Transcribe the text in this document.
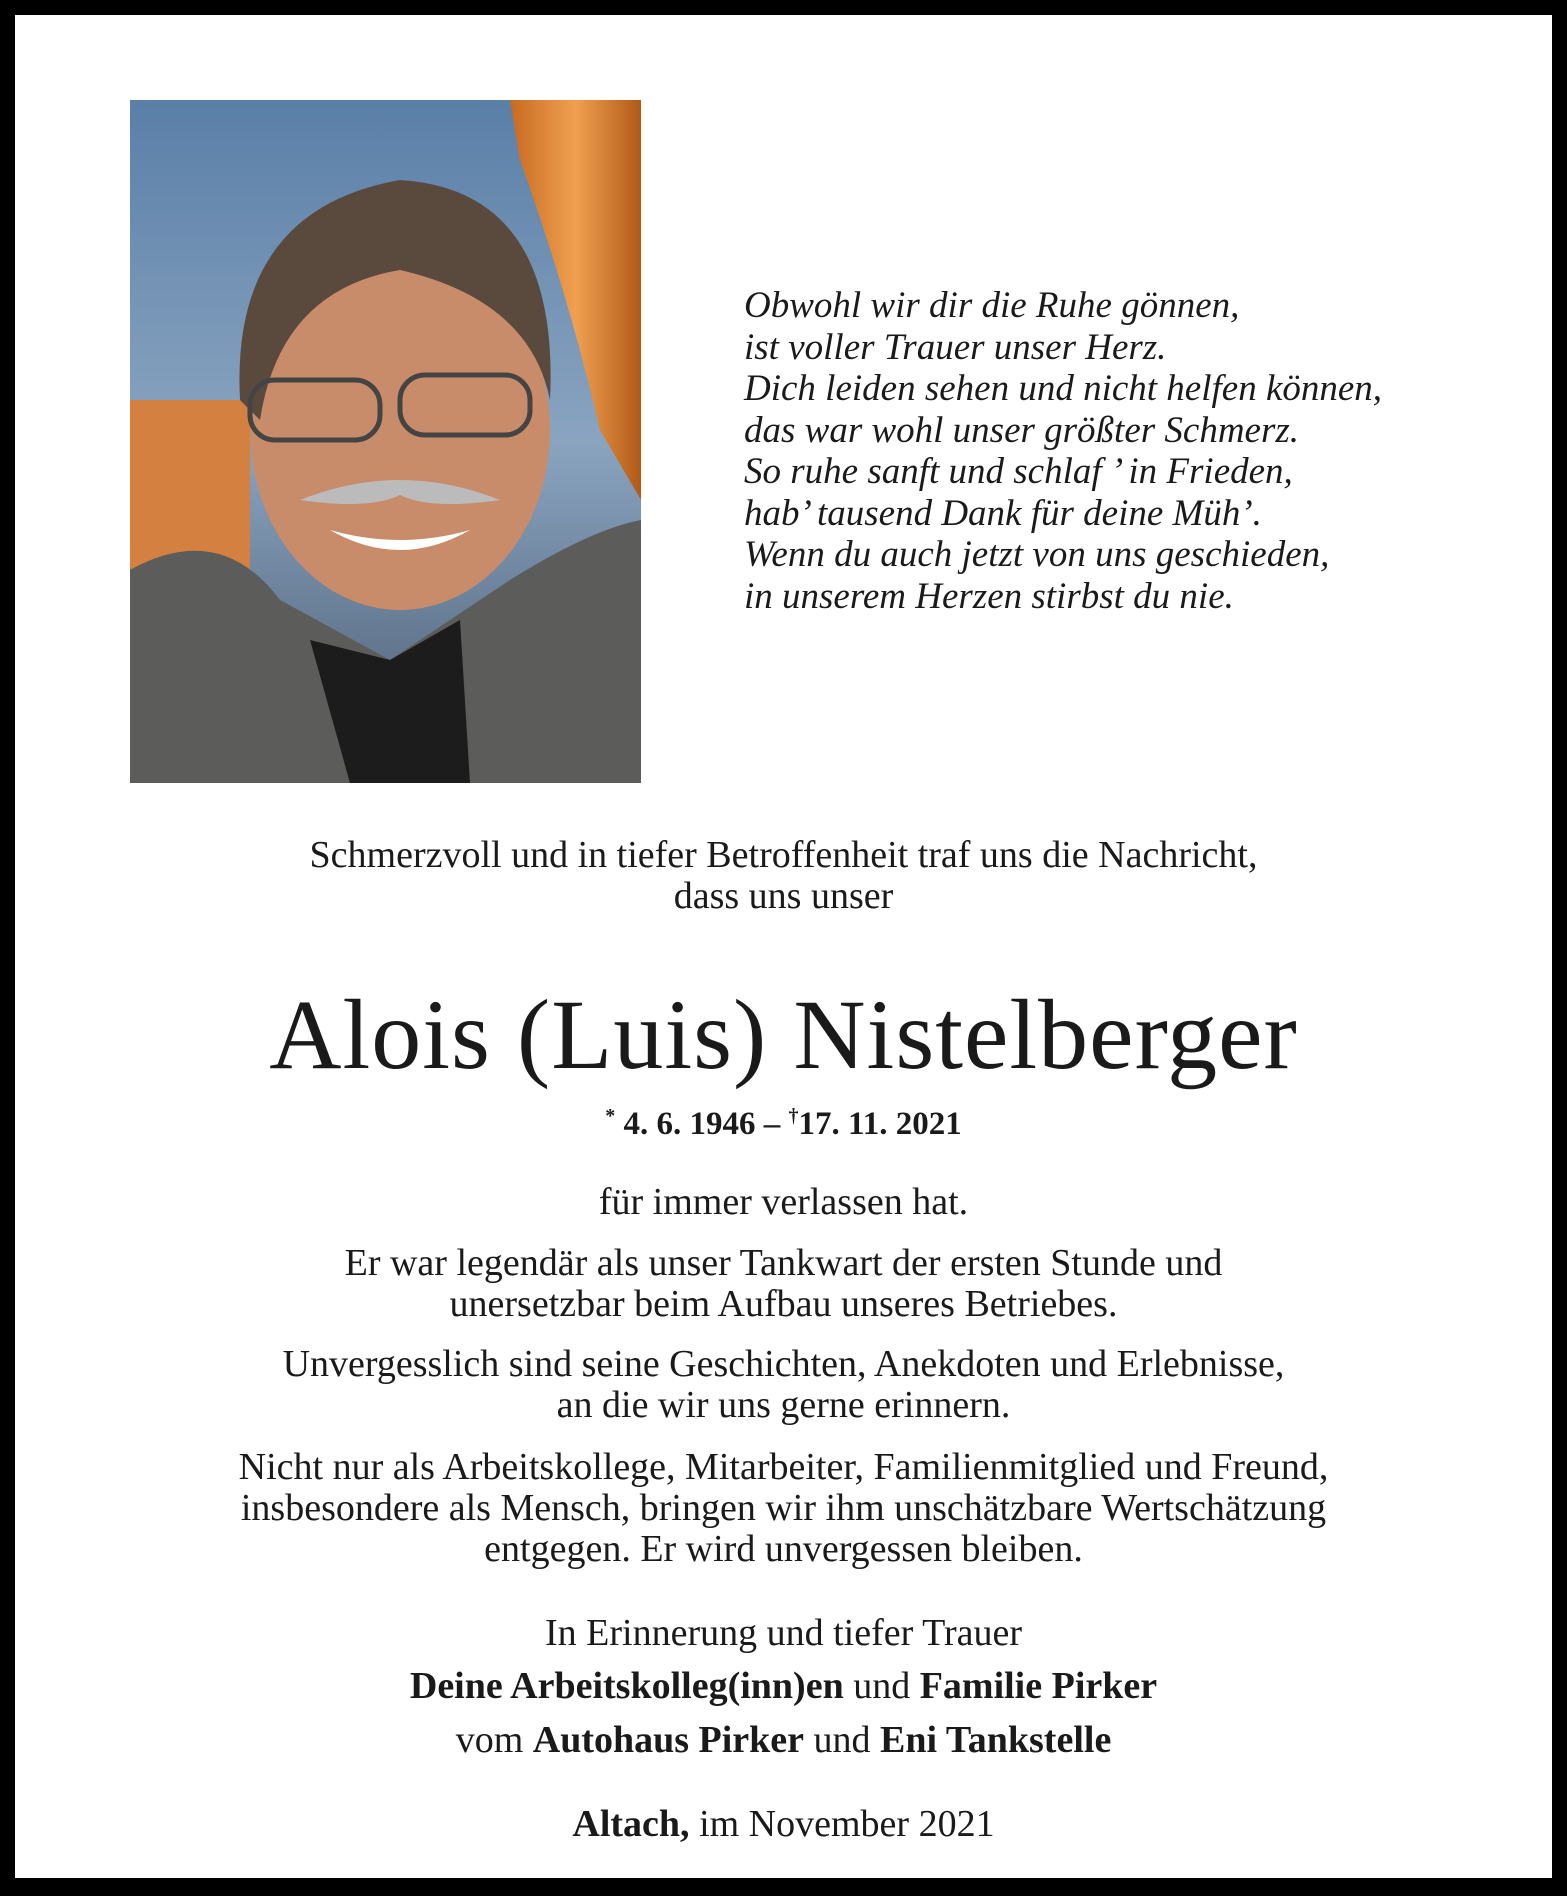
Obwohl wir dir die Ruhe gönnen,
ist voller Trauer unser Herz.
Dich leiden sehen und nicht helfen können,
das war wohl unser größter Schmerz.
So ruhe sanft und schlaf ’ in Frieden,
hab’ tausend Dank für deine Müh’.
Wenn du auch jetzt von uns geschieden,
in unserem Herzen stirbst du nie.
Schmerzvoll und in tiefer Betroffenheit traf uns die Nachricht,
dass uns unser
Alois (Luis) Nistelberger
* 4. 6. 1946 – †17. 11. 2021
für immer verlassen hat.
Er war legendär als unser Tankwart der ersten Stunde und
unersetzbar beim Aufbau unseres Betriebes.
Unvergesslich sind seine Geschichten, Anekdoten und Erlebnisse,
an die wir uns gerne erinnern.
Nicht nur als Arbeitskollege, Mitarbeiter, Familienmitglied und Freund,
insbesondere als Mensch, bringen wir ihm unschätzbare Wertschätzung
entgegen. Er wird unvergessen bleiben.
In Erinnerung und tiefer Trauer
Deine Arbeitskolleg(inn)en und Familie Pirker
vom Autohaus Pirker und Eni Tankstelle
Altach, im November 2021
